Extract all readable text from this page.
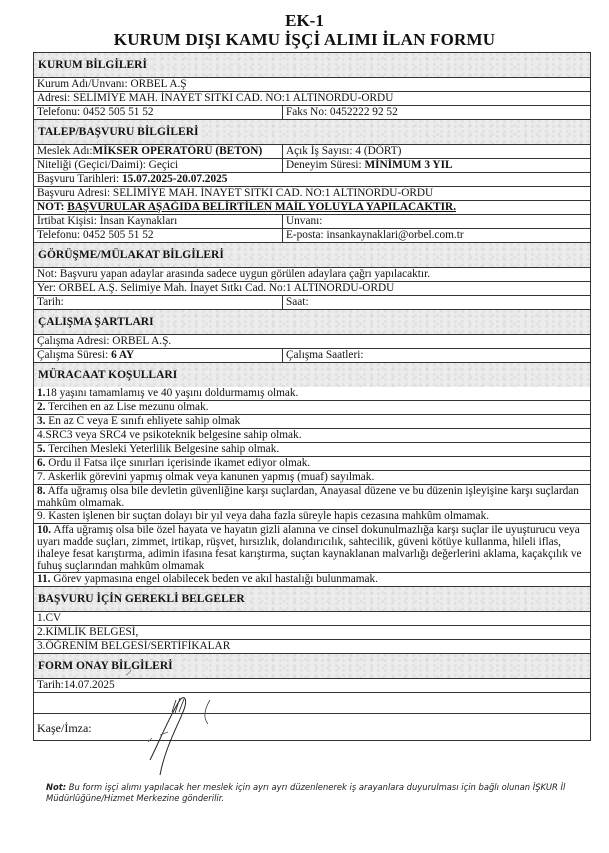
EK-1
KURUM DIŞI KAMU İŞÇİ ALIMI İLAN FORMU
KURUM BİLGİLERİ
Kurum Adı/Unvanı: ORBEL A.Ş
Adresi: SELİMİYE MAH. İNAYET SITKI CAD. NO:1 ALTINORDU-ORDU
Telefonu: 0452 505 51 52	Faks No: 0452222 92 52
TALEP/BAŞVURU BİLGİLERİ
Meslek Adı:MİKSER OPERATÖRÜ (BETON)	Açık İş Sayısı: 4 (DÖRT)
Niteliği (Geçici/Daimi): Geçici	Deneyim Süresi: MİNİMUM 3 YIL
Başvuru Tarihleri: 15.07.2025-20.07.2025
Başvuru Adresi: SELİMİYE MAH. İNAYET SITKI CAD. NO:1 ALTINORDU-ORDU
NOT: BAŞVURULAR AŞAĞIDA BELİRTİLEN MAİL YOLUYLA YAPILACAKTIR.
İrtibat Kişisi: İnsan Kaynakları	Unvanı:
Telefonu: 0452 505 51 52	E-posta: insankaynaklari@orbel.com.tr
GÖRÜŞME/MÜLAKAT BİLGİLERİ
Not: Başvuru yapan adaylar arasında sadece uygun görülen adaylara çağrı yapılacaktır.
Yer: ORBEL A.Ş. Selimiye Mah. İnayet Sıtkı Cad. No:1 ALTINORDU-ORDU
Tarih:	Saat:
ÇALIŞMA ŞARTLARI
Çalışma Adresi: ORBEL A.Ş.
Çalışma Süresi: 6 AY	Çalışma Saatleri:
MÜRACAAT KOŞULLARI
1.18 yaşını tamamlamış ve 40 yaşını doldurmamış olmak.
2. Tercihen en az Lise mezunu olmak.
3. En az C veya E sınıfı ehliyete sahip olmak
4.SRC3 veya SRC4 ve psikoteknik belgesine sahip olmak.
5. Tercihen Mesleki Yeterlilik Belgesine sahip olmak.
6. Ordu il Fatsa ilçe sınırları içerisinde ikamet ediyor olmak.
7. Askerlik görevini yapmış olmak veya kanunen yapmış (muaf) sayılmak.
8. Affa uğramış olsa bile devletin güvenliğine karşı suçlardan, Anayasal düzene ve bu düzenin işleyişine karşı suçlardan mahkûm olmamak.
9. Kasten işlenen bir suçtan dolayı bir yıl veya daha fazla süreyle hapis cezasına mahkûm olmamak.
10. Affa uğramış olsa bile özel hayata ve hayatın gizli alanına ve cinsel dokunulmazlığa karşı suçlar ile uyuşturucu veya uyarı madde suçları, zimmet, irtikap, rüşvet, hırsızlık, dolandırıcılık, sahtecilik, güveni kötüye kullanma, hileli iflas, ihaleye fesat karıştırma, adimin ifasına fesat karıştırma, suçtan kaynaklanan malvarlığı değerlerini aklama, kaçakçılık ve fuhuş suçlarından mahkûm olmamak
11. Görev yapmasına engel olabilecek beden ve akıl hastalığı bulunmamak.
BAŞVURU İÇİN GEREKLİ BELGELER
1.CV
2.KİMLİK BELGESİ,
3.ÖĞRENİM BELGESİ/SERTİFİKALAR
FORM ONAY BİLGİLERİ
Tarih:14.07.2025
Kaşe/İmza:
Not: Bu form işçi alımı yapılacak her meslek için ayrı ayrı düzenlenerek iş arayanlara duyurulması için bağlı olunan İŞKUR İl Müdürlüğüne/Hizmet Merkezine gönderilir.
